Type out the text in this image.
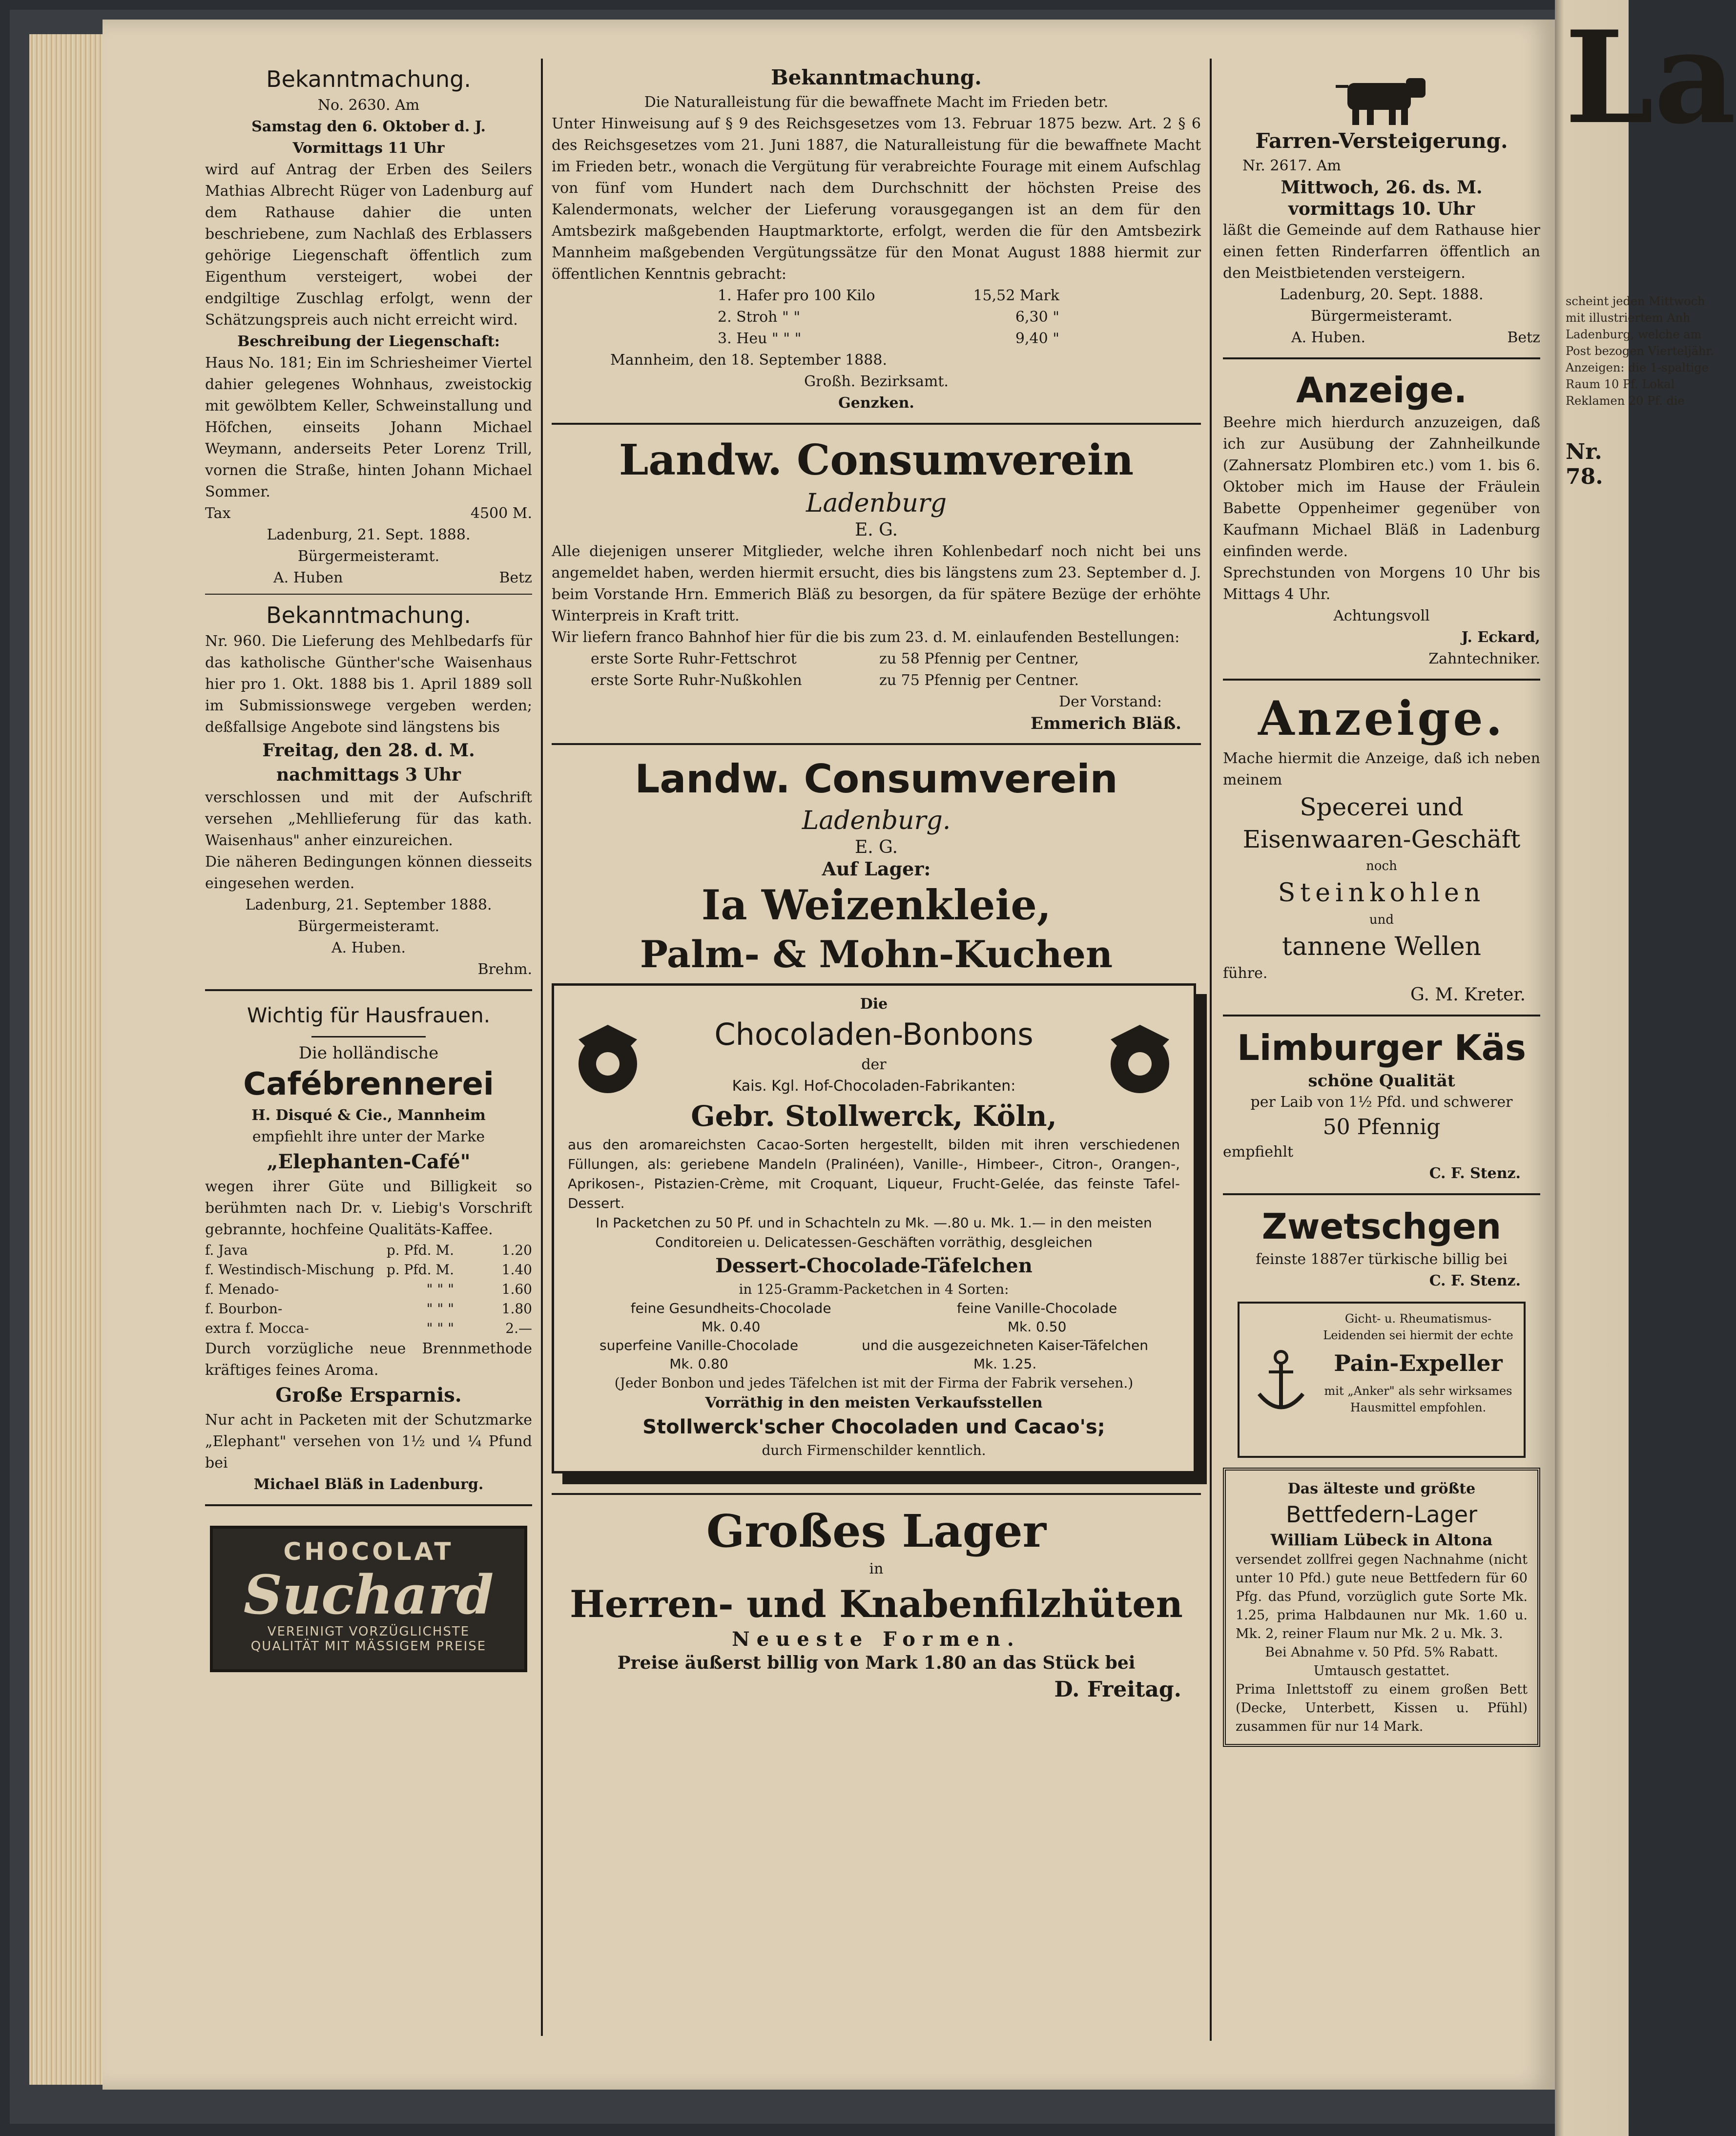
Bekanntmachung.
No. 2630. Am
Samstag den 6. Oktober d. J.
Vormittags 11 Uhr
wird auf Antrag der Erben des Seilers Mathias Albrecht Rüger von Ladenburg auf dem Rathause dahier die unten beschriebene, zum Nachlaß des Erblassers gehörige Liegenschaft öffentlich zum Eigenthum versteigert, wobei der endgiltige Zuschlag erfolgt, wenn der Schätzungspreis auch nicht erreicht wird.
Beschreibung der Liegenschaft:
Haus No. 181; Ein im Schriesheimer Viertel dahier gelegenes Wohnhaus, zweistockig mit gewölbtem Keller, Schweinstallung und Höfchen, einseits Johann Michael Weymann, anderseits Peter Lorenz Trill, vornen die Straße, hinten Johann Michael Sommer.
Tax	4500 M.
Ladenburg, 21. Sept. 1888.
Bürgermeisteramt.
A. Huben	Betz
Bekanntmachung.
Nr. 960. Die Lieferung des Mehlbedarfs für das katholische Günther'sche Waisenhaus hier pro 1. Okt. 1888 bis 1. April 1889 soll im Submissionswege vergeben werden; deßfallsige Angebote sind längstens bis
Freitag, den 28. d. M.
nachmittags 3 Uhr
verschlossen und mit der Aufschrift versehen „Mehllieferung für das kath. Waisenhaus" anher einzureichen.
Die näheren Bedingungen können diesseits eingesehen werden.
Ladenburg, 21. September 1888.
Bürgermeisteramt.
A. Huben.
Brehm.
Wichtig für Hausfrauen.
Die holländische
Cafébrennerei
H. Disqué & Cie., Mannheim
empfiehlt ihre unter der Marke
„Elephanten-Café"
wegen ihrer Güte und Billigkeit so berühmten nach Dr. v. Liebig's Vorschrift gebrannte, hochfeine Qualitäts-Kaffee.
f. Java	p. Pfd. M.	1.20
f. Westindisch-Mischung p. Pfd. M.	1.40
f. Menado-	" " "	1.60
f. Bourbon-	" " "	1.80
extra f. Mocca-	" " "	2.—
Durch vorzügliche neue Brennmethode kräftiges feines Aroma.
Große Ersparnis.
Nur acht in Packeten mit der Schutzmarke „Elephant" versehen von 1½ und ¼ Pfund bei
Michael Bläß in Ladenburg.
CHOCOLAT
Suchard
VEREINIGT VORZÜGLICHSTE
QUALITÄT MIT MÄSSIGEM PREISE
Bekanntmachung.
Die Naturalleistung für die bewaffnete Macht im Frieden betr.
Unter Hinweisung auf § 9 des Reichsgesetzes vom 13. Februar 1875 bezw. Art. 2 § 6 des Reichsgesetzes vom 21. Juni 1887, die Naturalleistung für die bewaffnete Macht im Frieden betr., wonach die Vergütung für verabreichte Fourage mit einem Aufschlag von fünf vom Hundert nach dem Durchschnitt der höchsten Preise des Kalendermonats, welcher der Lieferung vorausgegangen ist an dem für den Amtsbezirk maßgebenden Hauptmarktorte, erfolgt, werden die für den Amtsbezirk Mannheim maßgebenden Vergütungssätze für den Monat August 1888 hiermit zur öffentlichen Kenntnis gebracht:
1. Hafer pro 100 Kilo	15,52 Mark
2. Stroh " "	6,30 "
3. Heu " " "	9,40 "
Mannheim, den 18. September 1888.
Großh. Bezirksamt.
Genzken.
Landw. Consumverein
Ladenburg
E. G.
Alle diejenigen unserer Mitglieder, welche ihren Kohlenbedarf noch nicht bei uns angemeldet haben, werden hiermit ersucht, dies bis längstens zum 23. September d. J. beim Vorstande Hrn. Emmerich Bläß zu besorgen, da für spätere Bezüge der erhöhte Winterpreis in Kraft tritt.
Wir liefern franco Bahnhof hier für die bis zum 23. d. M. einlaufenden Bestellungen:
erste Sorte Ruhr-Fettschrot	zu 58 Pfennig per Centner,
erste Sorte Ruhr-Nußkohlen	zu 75 Pfennig per Centner.
Der Vorstand:
Emmerich Bläß.
Landw. Consumverein
Ladenburg.
E. G.
Auf Lager:
Ia Weizenkleie,
Palm- & Mohn-Kuchen
Die
Chocoladen-Bonbons
der
Kais. Kgl. Hof-Chocoladen-Fabrikanten:
Gebr. Stollwerck, Köln,
aus den aromareichsten Cacao-Sorten hergestellt, bilden mit ihren verschiedenen Füllungen, als: geriebene Mandeln (Pralinéen), Vanille-, Himbeer-, Citron-, Orangen-, Aprikosen-, Pistazien-Crème, mit Croquant, Liqueur, Frucht-Gelée, das feinste Tafel-Dessert.
In Packetchen zu 50 Pf. und in Schachteln zu Mk. —.80 u. Mk. 1.— in den meisten Conditoreien u. Delicatessen-Geschäften vorräthig, desgleichen
Dessert-Chocolade-Täfelchen
in 125-Gramm-Packetchen in 4 Sorten:
feine Gesundheits-Chocolade
Mk. 0.40
feine Vanille-Chocolade
Mk. 0.50
superfeine Vanille-Chocolade
Mk. 0.80
und die ausgezeichneten Kaiser-Täfelchen
Mk. 1.25.
(Jeder Bonbon und jedes Täfelchen ist mit der Firma der Fabrik versehen.)
Vorräthig in den meisten Verkaufsstellen
Stollwerck'scher Chocoladen und Cacao's;
durch Firmenschilder kenntlich.
Großes Lager
in
Herren- und Knabenfilzhüten
Neueste Formen.
Preise äußerst billig von Mark 1.80 an das Stück bei
D. Freitag.
Farren-Versteigerung.
Nr. 2617. Am
Mittwoch, 26. ds. M.
vormittags 10. Uhr
läßt die Gemeinde auf dem Rathause hier einen fetten Rinderfarren öffentlich an den Meistbietenden versteigern.
Ladenburg, 20. Sept. 1888.
Bürgermeisteramt.
A. Huben.	Betz
Anzeige.
Beehre mich hierdurch anzuzeigen, daß ich zur Ausübung der Zahnheilkunde (Zahnersatz Plombiren etc.) vom 1. bis 6. Oktober mich im Hause der Fräulein Babette Oppenheimer gegenüber von Kaufmann Michael Bläß in Ladenburg einfinden werde.
Sprechstunden von Morgens 10 Uhr bis Mittags 4 Uhr.
Achtungsvoll
J. Eckard,
Zahntechniker.
Anzeige.
Mache hiermit die Anzeige, daß ich neben meinem
Specerei und
Eisenwaaren-Geschäft
noch
Steinkohlen
und
tannene Wellen
führe.
G. M. Kreter.
Limburger Käs
schöne Qualität
per Laib von 1½ Pfd. und schwerer
50 Pfennig
empfiehlt
C. F. Stenz.
Zwetschgen
feinste 1887er türkische billig bei
C. F. Stenz.
Gicht- u. Rheumatismus-
Leidenden sei hiermit der echte
Pain-Expeller
mit „Anker" als sehr wirksames
Hausmittel empfohlen.
Das älteste und größte
Bettfedern-Lager
William Lübeck in Altona
versendet zollfrei gegen Nachnahme (nicht unter 10 Pfd.) gute neue Bettfedern für 60 Pfg. das Pfund, vorzüglich gute Sorte Mk. 1.25, prima Halbdaunen nur Mk. 1.60 u. Mk. 2, reiner Flaum nur Mk. 2 u. Mk. 3.
Bei Abnahme v. 50 Pfd. 5% Rabatt.
Umtausch gestattet.
Prima Inlettstoff zu einem großen Bett (Decke, Unterbett, Kissen u. Pfühl) zusammen für nur 14 Mark.
La
scheint jeden Mittwoch
mit illustriertem Anh
Ladenburg, welche am
Post bezogen Vierteljähr.
Anzeigen: die 1-spaltige
Raum 10 Pf. Lokal
Reklamen 20 Pf. die
Nr. 78.
